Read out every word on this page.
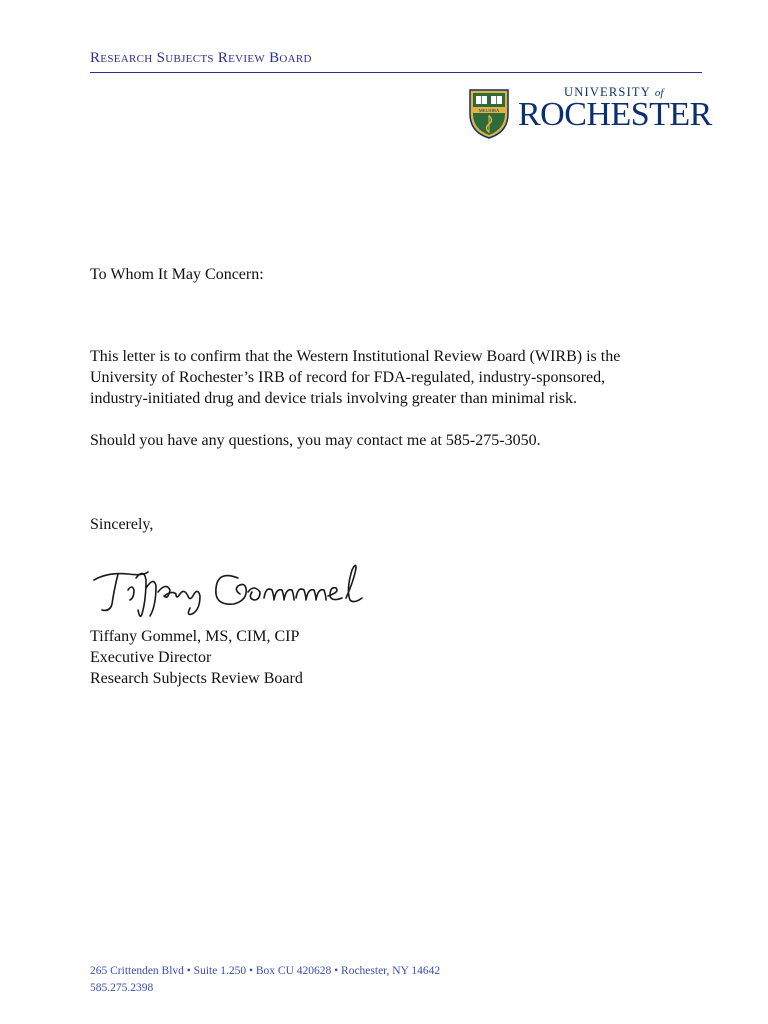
Research Subjects Review Board
MELIORA
UNIVERSITY of
ROCHESTER
To Whom It May Concern:
This letter is to confirm that the Western Institutional Review Board (WIRB) is the
University of Rochester’s IRB of record for FDA-regulated, industry-sponsored,
industry-initiated drug and device trials involving greater than minimal risk.
Should you have any questions, you may contact me at 585-275-3050.
Sincerely,
Tiffany Gommel, MS, CIM, CIP
Executive Director
Research Subjects Review Board
265 Crittenden Blvd • Suite 1.250 • Box CU 420628 • Rochester, NY 14642
585.275.2398
